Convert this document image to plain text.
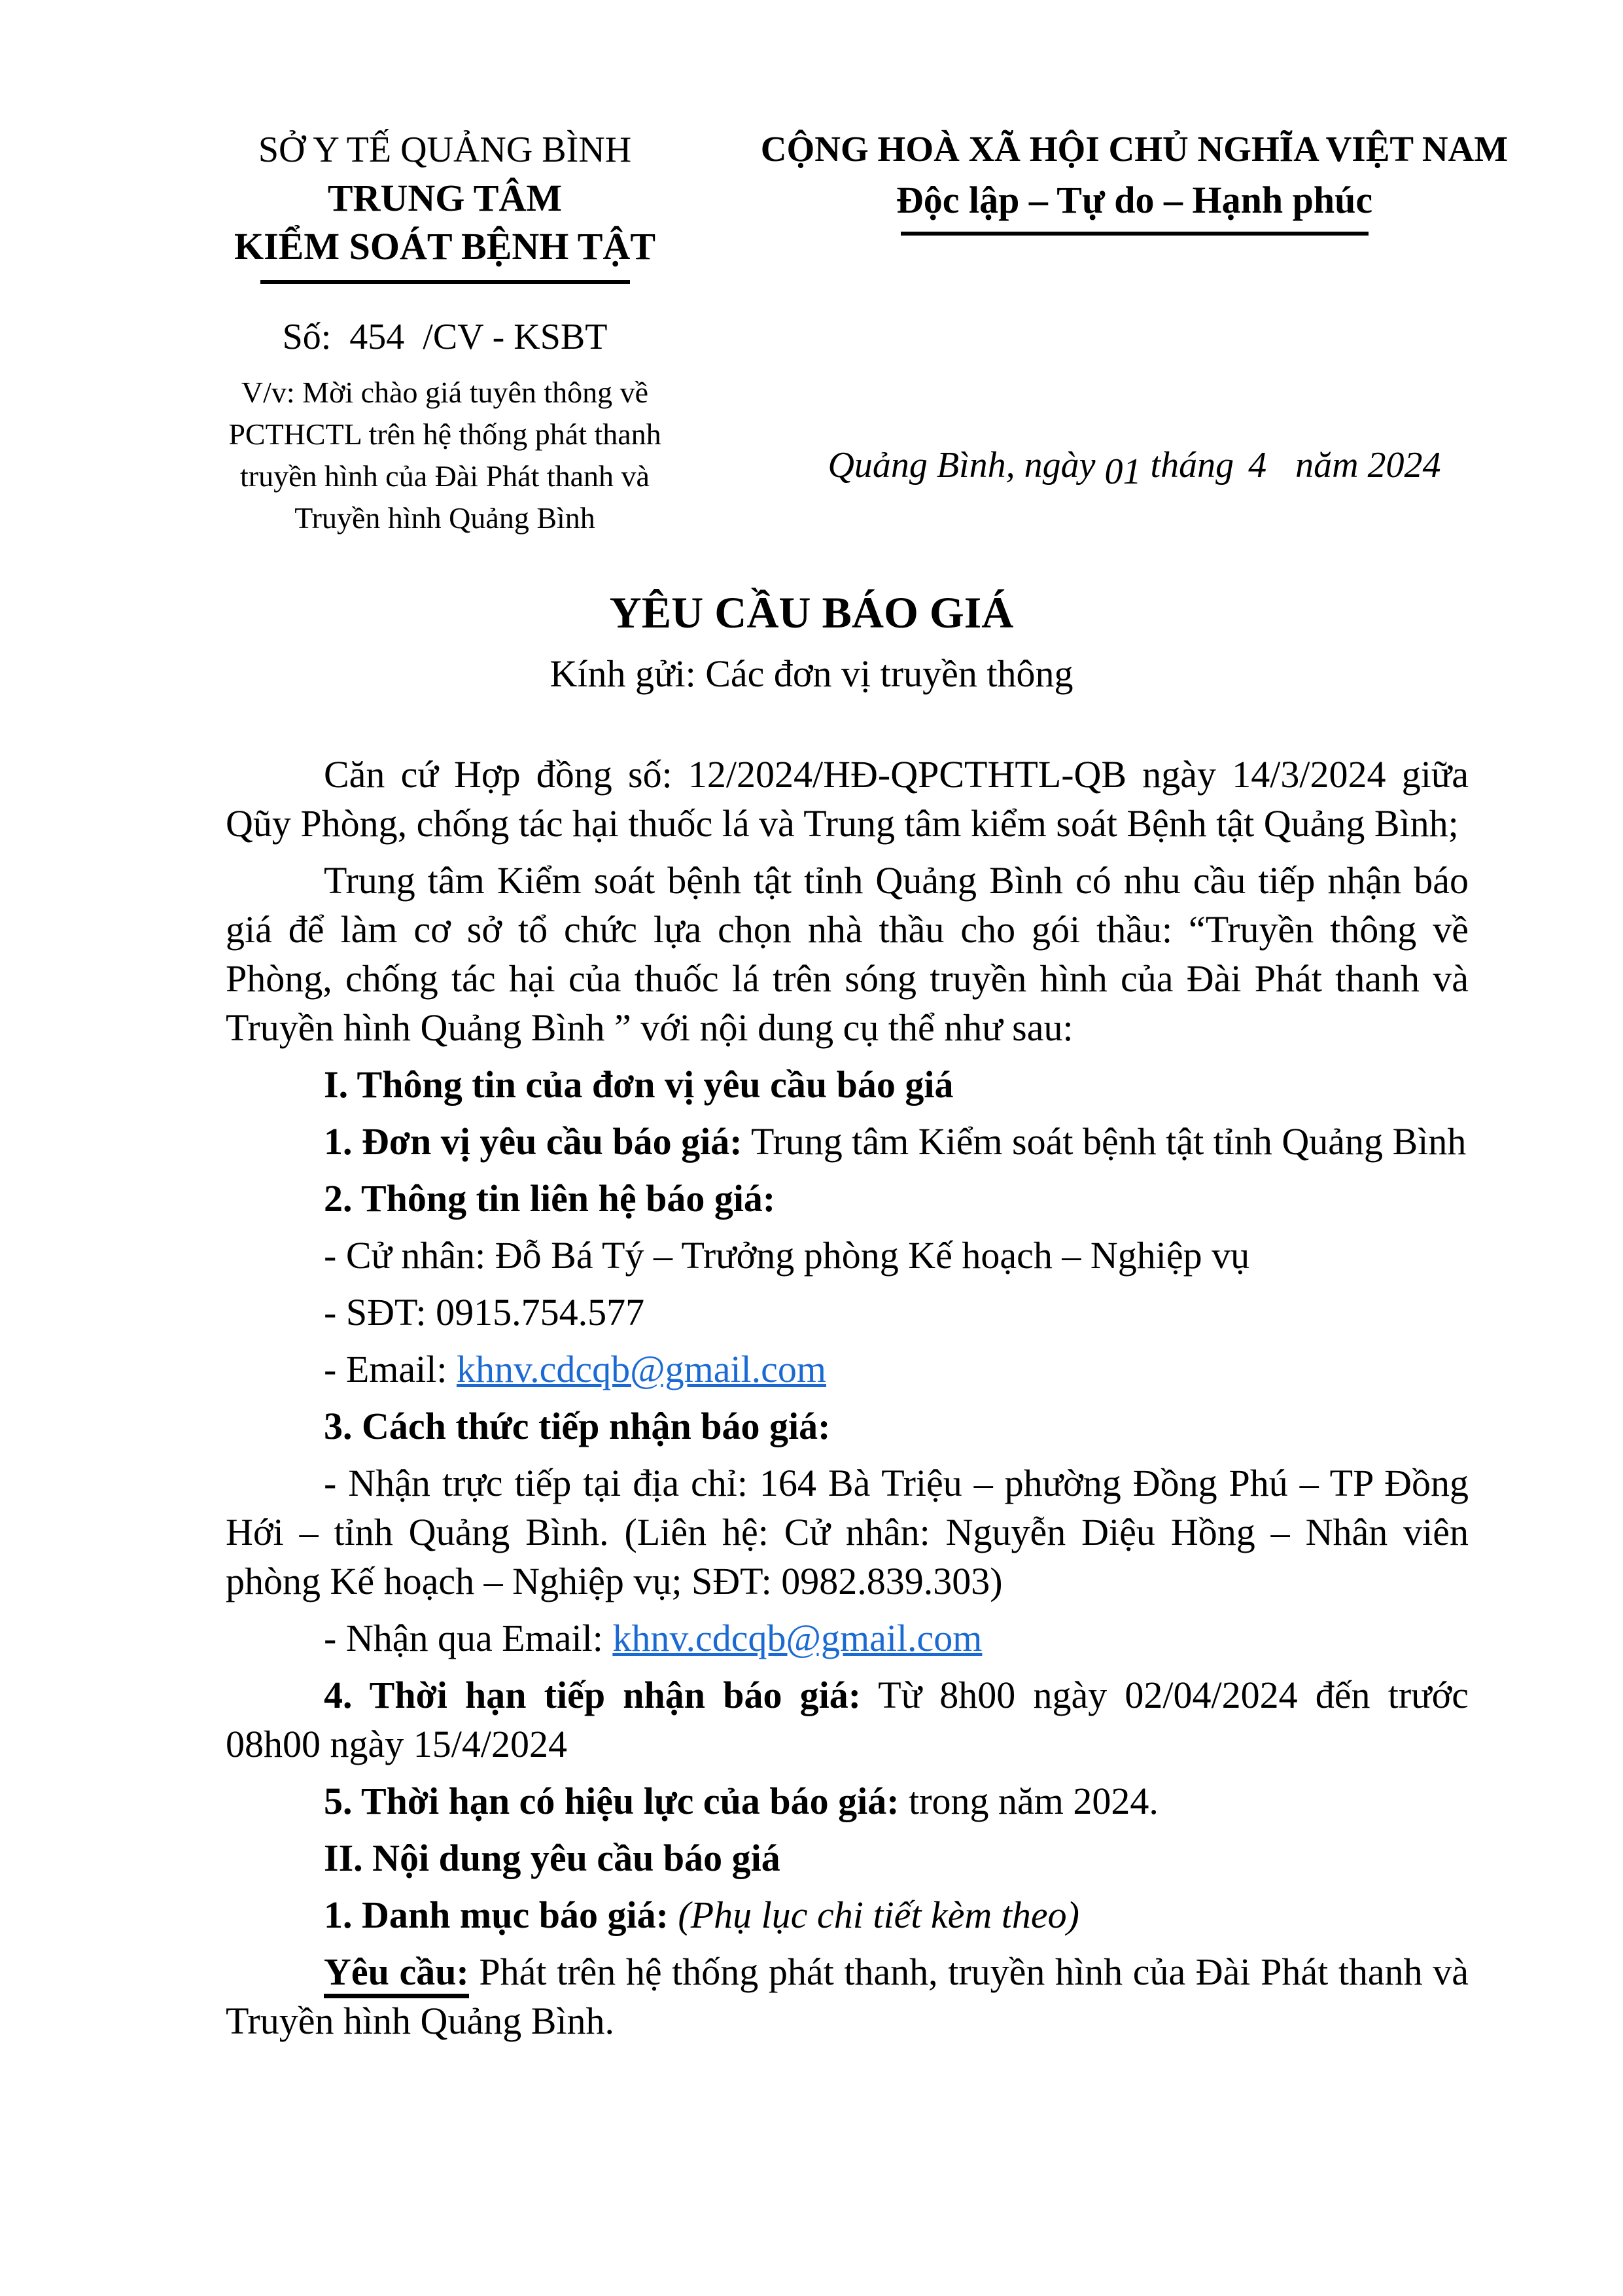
SỞ Y TẾ QUẢNG BÌNH
TRUNG TÂM
KIỂM SOÁT BỆNH TẬT
Số: 454 /CV - KSBT
V/v: Mời chào giá tuyên thông về
PCTHCTL trên hệ thống phát thanh
truyền hình của Đài Phát thanh và
Truyền hình Quảng Bình
CỘNG HOÀ XÃ HỘI CHỦ NGHĨA VIỆT NAM
Độc lập – Tự do – Hạnh phúc
Quảng Bình, ngày 01 tháng 4 năm 2024
YÊU CẦU BÁO GIÁ
Kính gửi: Các đơn vị truyền thông

Căn cứ Hợp đồng số: 12/2024/HĐ-QPCTHTL-QB ngày 14/3/2024 giữa Qũy Phòng, chống tác hại thuốc lá và Trung tâm kiểm soát Bệnh tật Quảng Bình;

Trung tâm Kiểm soát bệnh tật tỉnh Quảng Bình có nhu cầu tiếp nhận báo giá để làm cơ sở tổ chức lựa chọn nhà thầu cho gói thầu: “Truyền thông về Phòng, chống tác hại của thuốc lá trên sóng truyền hình của Đài Phát thanh và Truyền hình Quảng Bình ” với nội dung cụ thể như sau:

I. Thông tin của đơn vị yêu cầu báo giá

1. Đơn vị yêu cầu báo giá: Trung tâm Kiểm soát bệnh tật tỉnh Quảng Bình

2. Thông tin liên hệ báo giá:

- Cử nhân: Đỗ Bá Tý – Trưởng phòng Kế hoạch – Nghiệp vụ

- SĐT: 0915.754.577

- Email: khnv.cdcqb@gmail.com

3. Cách thức tiếp nhận báo giá:

- Nhận trực tiếp tại địa chỉ: 164 Bà Triệu – phường Đồng Phú – TP Đồng Hới – tỉnh Quảng Bình. (Liên hệ: Cử nhân: Nguyễn Diệu Hồng – Nhân viên phòng Kế hoạch – Nghiệp vụ; SĐT: 0982.839.303)

- Nhận qua Email: khnv.cdcqb@gmail.com

4. Thời hạn tiếp nhận báo giá: Từ 8h00 ngày 02/04/2024 đến trước 08h00 ngày 15/4/2024

5. Thời hạn có hiệu lực của báo giá: trong năm 2024.

II. Nội dung yêu cầu báo giá

1. Danh mục báo giá: (Phụ lục chi tiết kèm theo)

Yêu cầu: Phát trên hệ thống phát thanh, truyền hình của Đài Phát thanh và Truyền hình Quảng Bình.
